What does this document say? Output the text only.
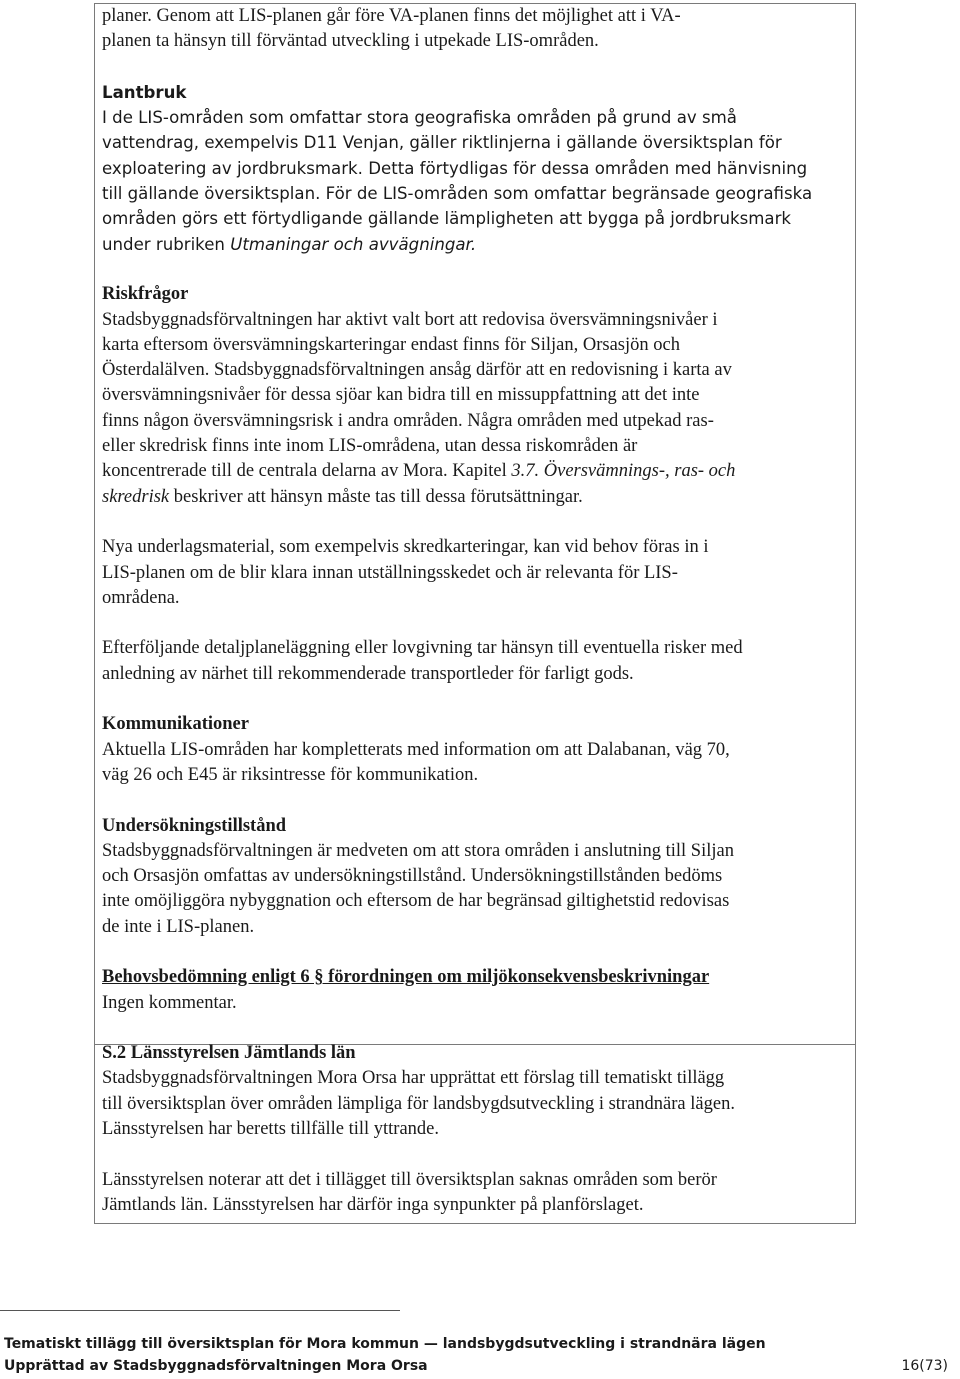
planer. Genom att LIS-planen går före VA-planen finns det möjlighet att i VA-

planen ta hänsyn till förväntad utveckling i utpekade LIS-områden.

Lantbruk

I de LIS-områden som omfattar stora geografiska områden på grund av små

vattendrag, exempelvis D11 Venjan, gäller riktlinjerna i gällande översiktsplan för

exploatering av jordbruksmark. Detta förtydligas för dessa områden med hänvisning

till gällande översiktsplan. För de LIS-områden som omfattar begränsade geografiska

områden görs ett förtydligande gällande lämpligheten att bygga på jordbruksmark

under rubriken Utmaningar och avvägningar.

Riskfrågor

Stadsbyggnadsförvaltningen har aktivt valt bort att redovisa översvämningsnivåer i

karta eftersom översvämningskarteringar endast finns för Siljan, Orsasjön och

Österdalälven. Stadsbyggnadsförvaltningen ansåg därför att en redovisning i karta av

översvämningsnivåer för dessa sjöar kan bidra till en missuppfattning att det inte

finns någon översvämningsrisk i andra områden. Några områden med utpekad ras-

eller skredrisk finns inte inom LIS-områdena, utan dessa riskområden är

koncentrerade till de centrala delarna av Mora. Kapitel 3.7. Översvämnings-, ras- och

skredrisk beskriver att hänsyn måste tas till dessa förutsättningar.

Nya underlagsmaterial, som exempelvis skredkarteringar, kan vid behov föras in i

LIS-planen om de blir klara innan utställningsskedet och är relevanta för LIS-

områdena.

Efterföljande detaljplaneläggning eller lovgivning tar hänsyn till eventuella risker med

anledning av närhet till rekommenderade transportleder för farligt gods.

Kommunikationer

Aktuella LIS-områden har kompletterats med information om att Dalabanan, väg 70,

väg 26 och E45 är riksintresse för kommunikation.

Undersökningstillstånd

Stadsbyggnadsförvaltningen är medveten om att stora områden i anslutning till Siljan

och Orsasjön omfattas av undersökningstillstånd. Undersökningstillstånden bedöms

inte omöjliggöra nybyggnation och eftersom de har begränsad giltighetstid redovisas

de inte i LIS-planen.

Behovsbedömning enligt 6 § förordningen om miljökonsekvensbeskrivningar

Ingen kommentar.

S.2 Länsstyrelsen Jämtlands län

Stadsbyggnadsförvaltningen Mora Orsa har upprättat ett förslag till tematiskt tillägg

till översiktsplan över områden lämpliga för landsbygdsutveckling i strandnära lägen.

Länsstyrelsen har beretts tillfälle till yttrande.

Länsstyrelsen noterar att det i tillägget till översiktsplan saknas områden som berör

Jämtlands län. Länsstyrelsen har därför inga synpunkter på planförslaget.

Tematiskt tillägg till översiktsplan för Mora kommun — landsbygdsutveckling i strandnära lägen
Upprättad av Stadsbyggnadsförvaltningen Mora Orsa	16(73)
